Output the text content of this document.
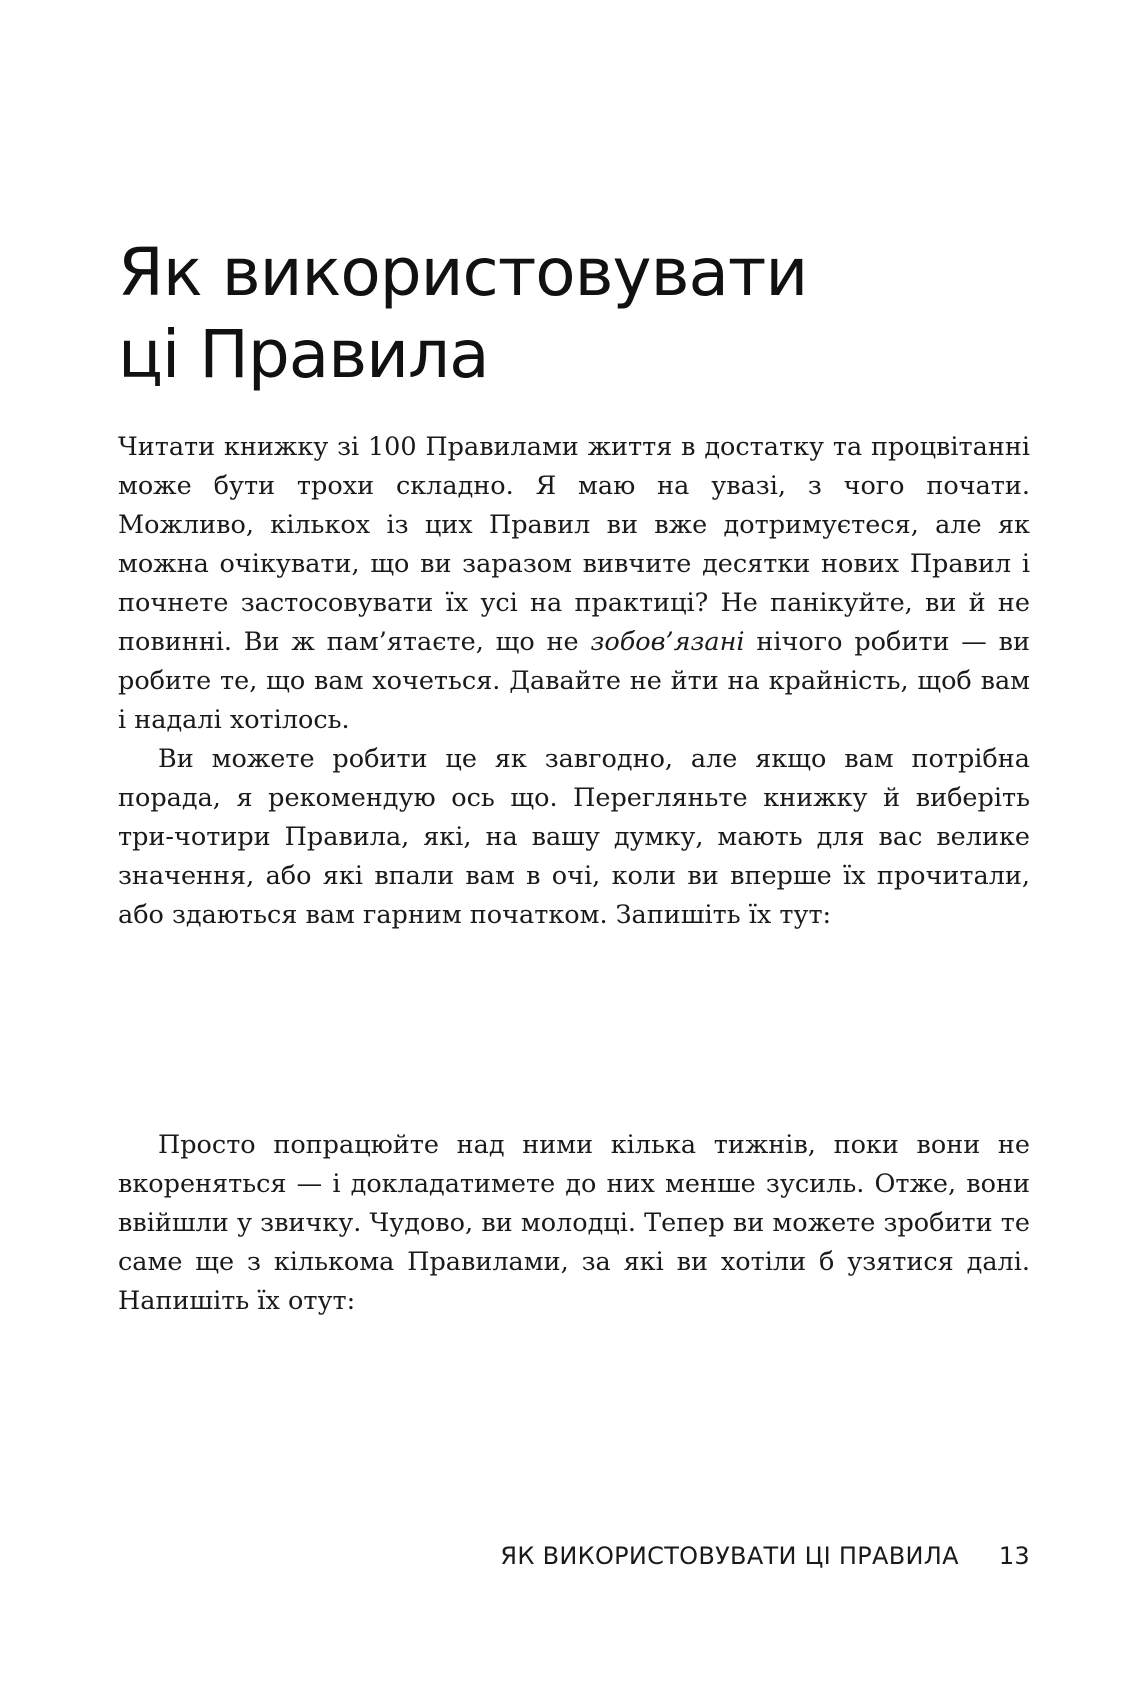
Як використовувати
ці Правила

Читати книжку зі 100 Правилами життя в достатку та процвітанні може бути трохи складно. Я маю на увазі, з чого почати. Можливо, кількох із цих Правил ви вже дотримуєтеся, але як можна очікувати, що ви заразом вивчите десятки нових Правил і почнете застосовувати їх усі на практиці? Не панікуйте, ви й не повинні. Ви ж пам’ятаєте, що не зобов’язані нічого робити — ви робите те, що вам хочеться. Давайте не йти на крайність, щоб вам і надалі хотілось.

Ви можете робити це як завгодно, але якщо вам потрібна порада, я рекомендую ось що. Перегляньте книжку й виберіть три-чотири Правила, які, на вашу думку, мають для вас велике значення, або які впали вам в очі, коли ви вперше їх прочитали, або здаються вам гарним початком. Запишіть їх тут:

Просто попрацюйте над ними кілька тижнів, поки вони не вкореняться — і докладатимете до них менше зусиль. Отже, вони ввійшли у звичку. Чудово, ви молодці. Тепер ви можете зробити те саме ще з кількома Правилами, за які ви хотіли б узятися далі. Напишіть їх отут:

ЯК ВИКОРИСТОВУВАТИ ЦІ ПРАВИЛА 13
